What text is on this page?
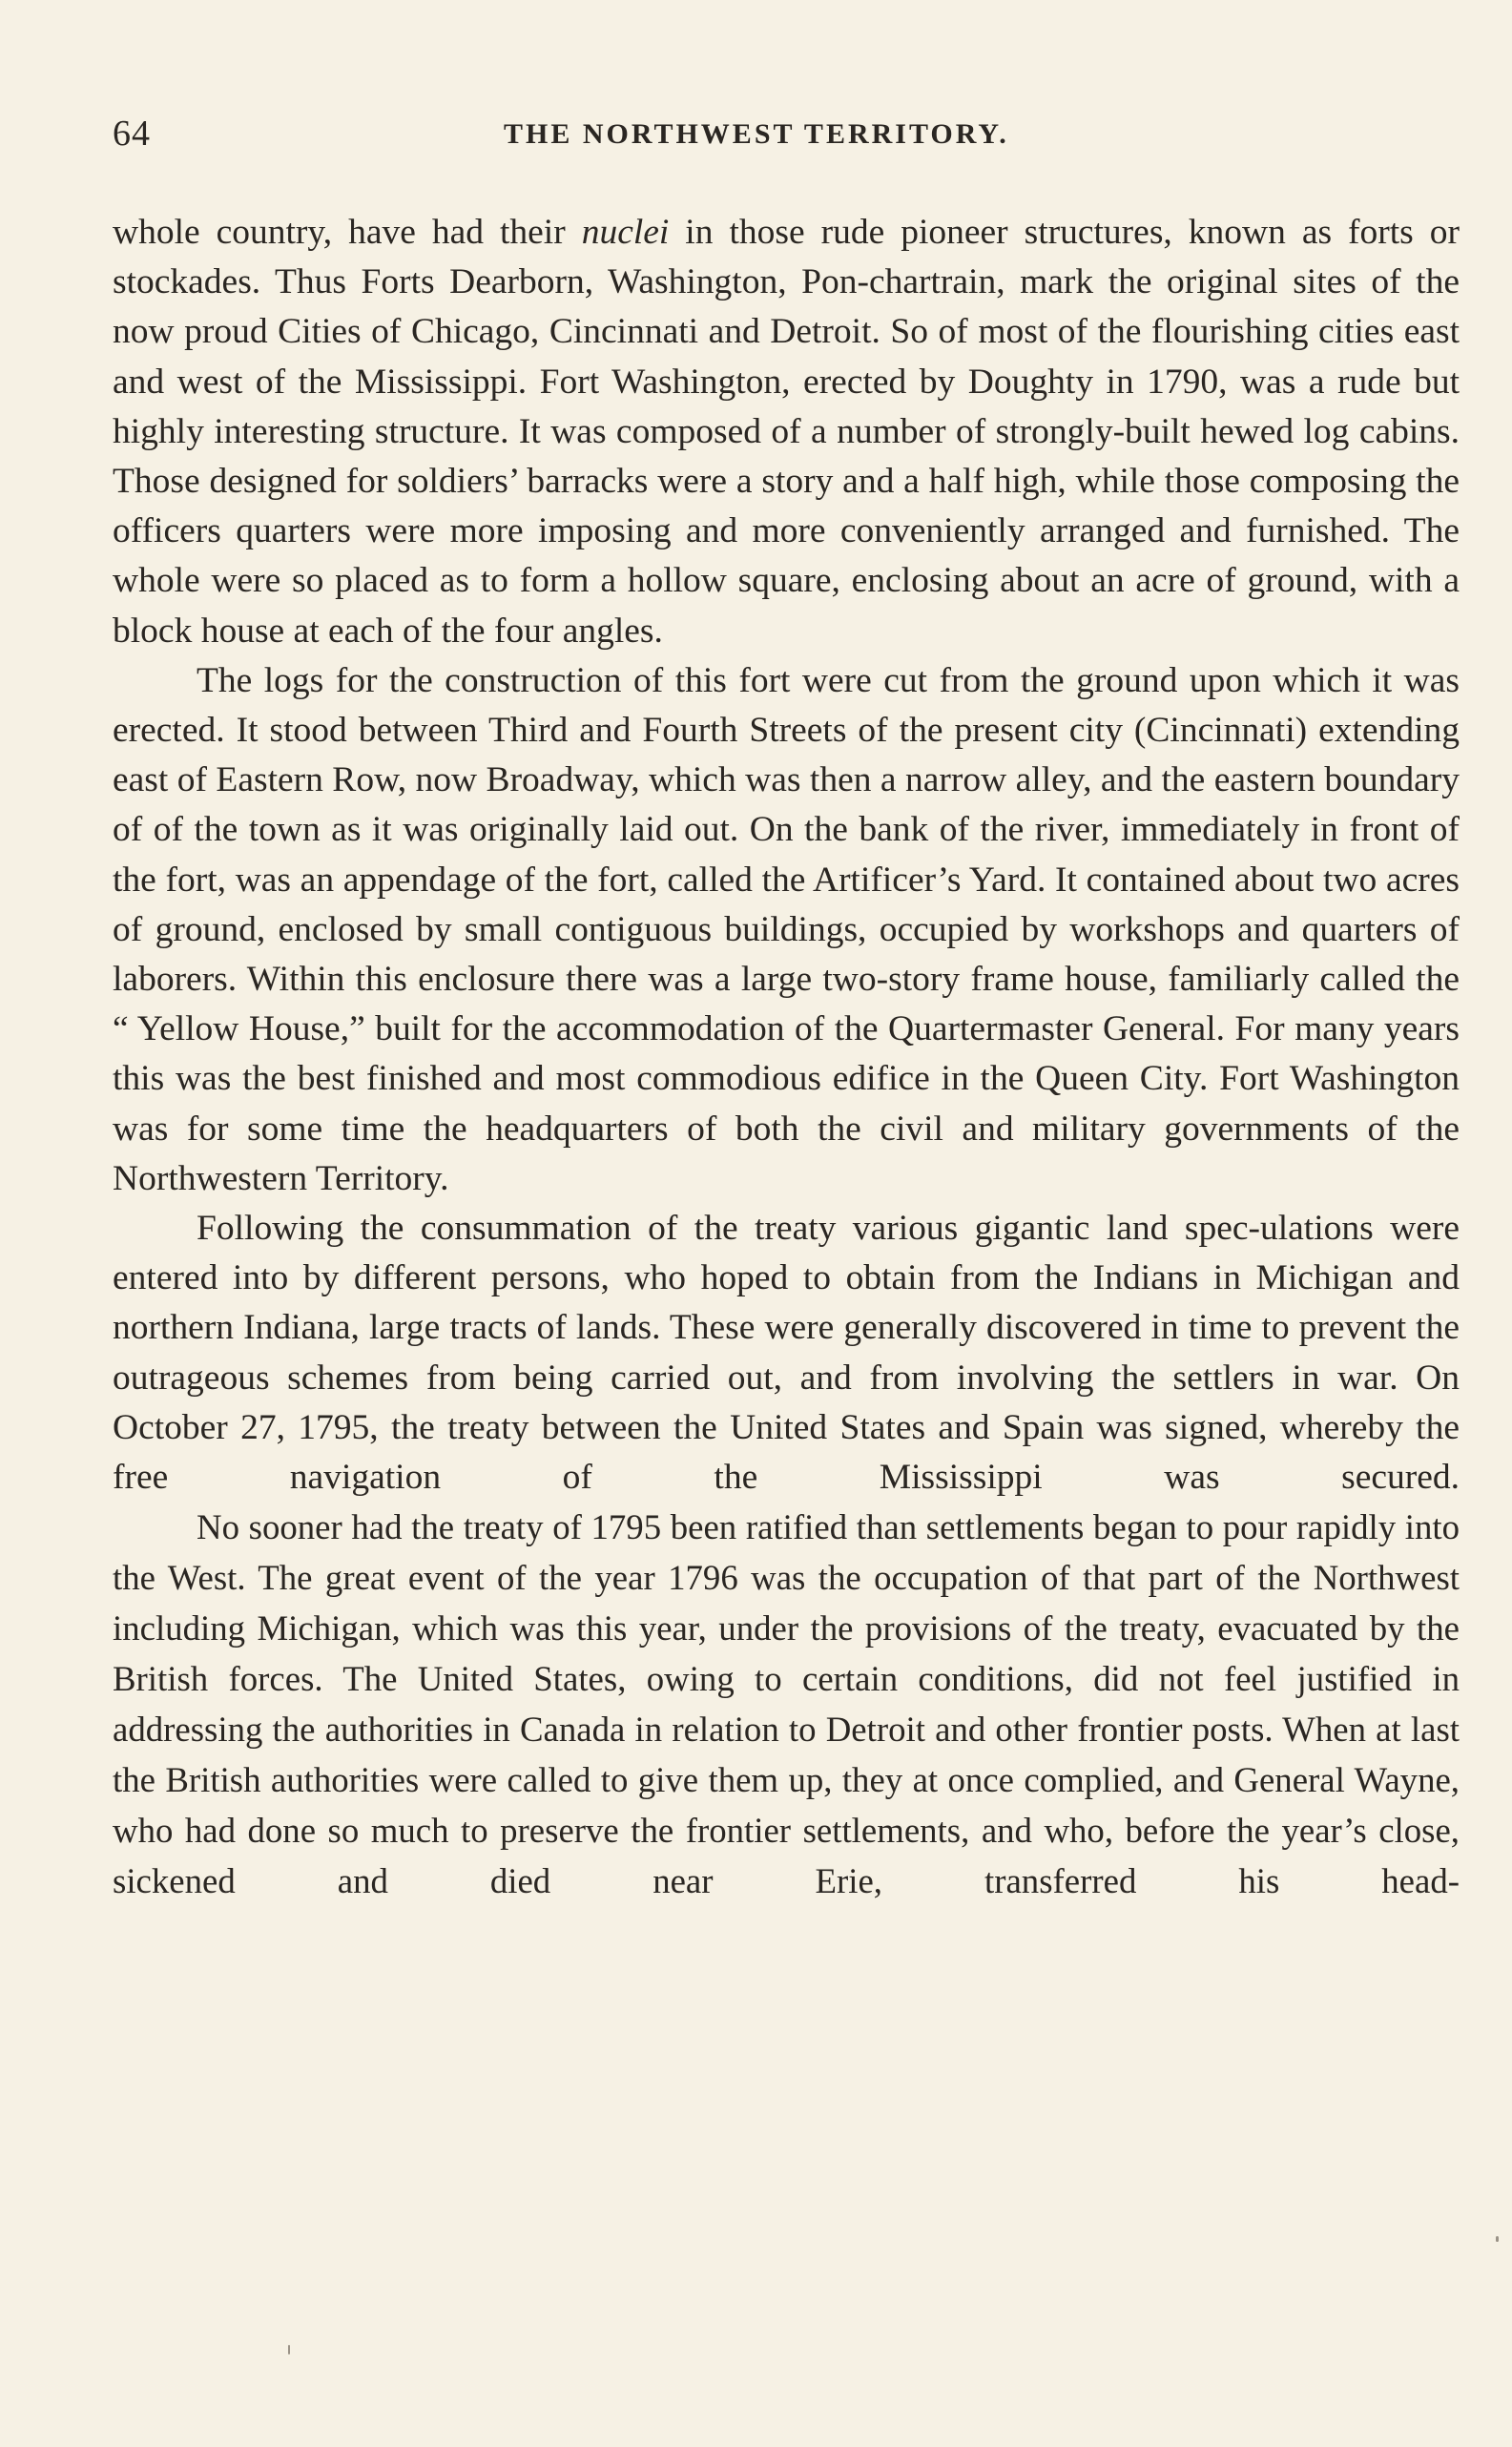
64	THE NORTHWEST TERRITORY.

whole country, have had their nuclei in those rude pioneer structures, known as forts or stockades. Thus Forts Dearborn, Washington, Pon-chartrain, mark the original sites of the now proud Cities of Chicago, Cincinnati and Detroit. So of most of the flourishing cities east and west of the Mississippi. Fort Washington, erected by Doughty in 1790, was a rude but highly interesting structure. It was composed of a number of strongly-built hewed log cabins. Those designed for soldiers’ barracks were a story and a half high, while those composing the officers quarters were more imposing and more conveniently arranged and furnished. The whole were so placed as to form a hollow square, enclosing about an acre of ground, with a block house at each of the four angles.

The logs for the construction of this fort were cut from the ground upon which it was erected. It stood between Third and Fourth Streets of the present city (Cincinnati) extending east of Eastern Row, now Broadway, which was then a narrow alley, and the eastern boundary of of the town as it was originally laid out. On the bank of the river, immediately in front of the fort, was an appendage of the fort, called the Artificer’s Yard. It contained about two acres of ground, enclosed by small contiguous buildings, occupied by workshops and quarters of laborers. Within this enclosure there was a large two-story frame house, familiarly called the “ Yellow House,” built for the accommodation of the Quartermaster General. For many years this was the best finished and most commodious edifice in the Queen City. Fort Washington was for some time the headquarters of both the civil and military governments of the Northwestern Territory.

Following the consummation of the treaty various gigantic land spec-ulations were entered into by different persons, who hoped to obtain from the Indians in Michigan and northern Indiana, large tracts of lands. These were generally discovered in time to prevent the outrageous schemes from being carried out, and from involving the settlers in war. On October 27, 1795, the treaty between the United States and Spain was signed, whereby the free navigation of the Mississippi was secured.

No sooner had the treaty of 1795 been ratified than settlements began to pour rapidly into the West. The great event of the year 1796 was the occupation of that part of the Northwest including Michigan, which was this year, under the provisions of the treaty, evacuated by the British forces. The United States, owing to certain conditions, did not feel justified in addressing the authorities in Canada in relation to Detroit and other frontier posts. When at last the British authorities were called to give them up, they at once complied, and General Wayne, who had done so much to preserve the frontier settlements, and who, before the year’s close, sickened and died near Erie, transferred his head-
